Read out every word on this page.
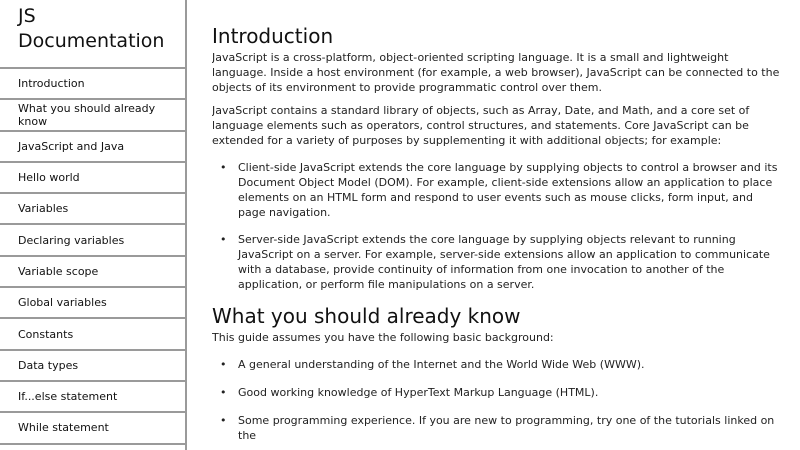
JS Documentation
Introduction
What you should already know
JavaScript and Java
Hello world
Variables
Declaring variables
Variable scope
Global variables
Constants
Data types
If...else statement
While statement
Introduction

JavaScript is a cross-platform, object-oriented scripting language. It is a small and lightweight language. Inside a host environment (for example, a web browser), JavaScript can be connected to the objects of its environment to provide programmatic control over them.

JavaScript contains a standard library of objects, such as Array, Date, and Math, and a core set of language elements such as operators, control structures, and statements. Core JavaScript can be extended for a variety of purposes by supplementing it with additional objects; for example:

• Client-side JavaScript extends the core language by supplying objects to control a browser and its Document Object Model (DOM). For example, client-side extensions allow an application to place elements on an HTML form and respond to user events such as mouse clicks, form input, and page navigation.
• Server-side JavaScript extends the core language by supplying objects relevant to running JavaScript on a server. For example, server-side extensions allow an application to communicate with a database, provide continuity of information from one invocation to another of the application, or perform file manipulations on a server.
What you should already know

This guide assumes you have the following basic background:

• A general understanding of the Internet and the World Wide Web (WWW).
• Good working knowledge of HyperText Markup Language (HTML).
• Some programming experience. If you are new to programming, try one of the tutorials linked on the
